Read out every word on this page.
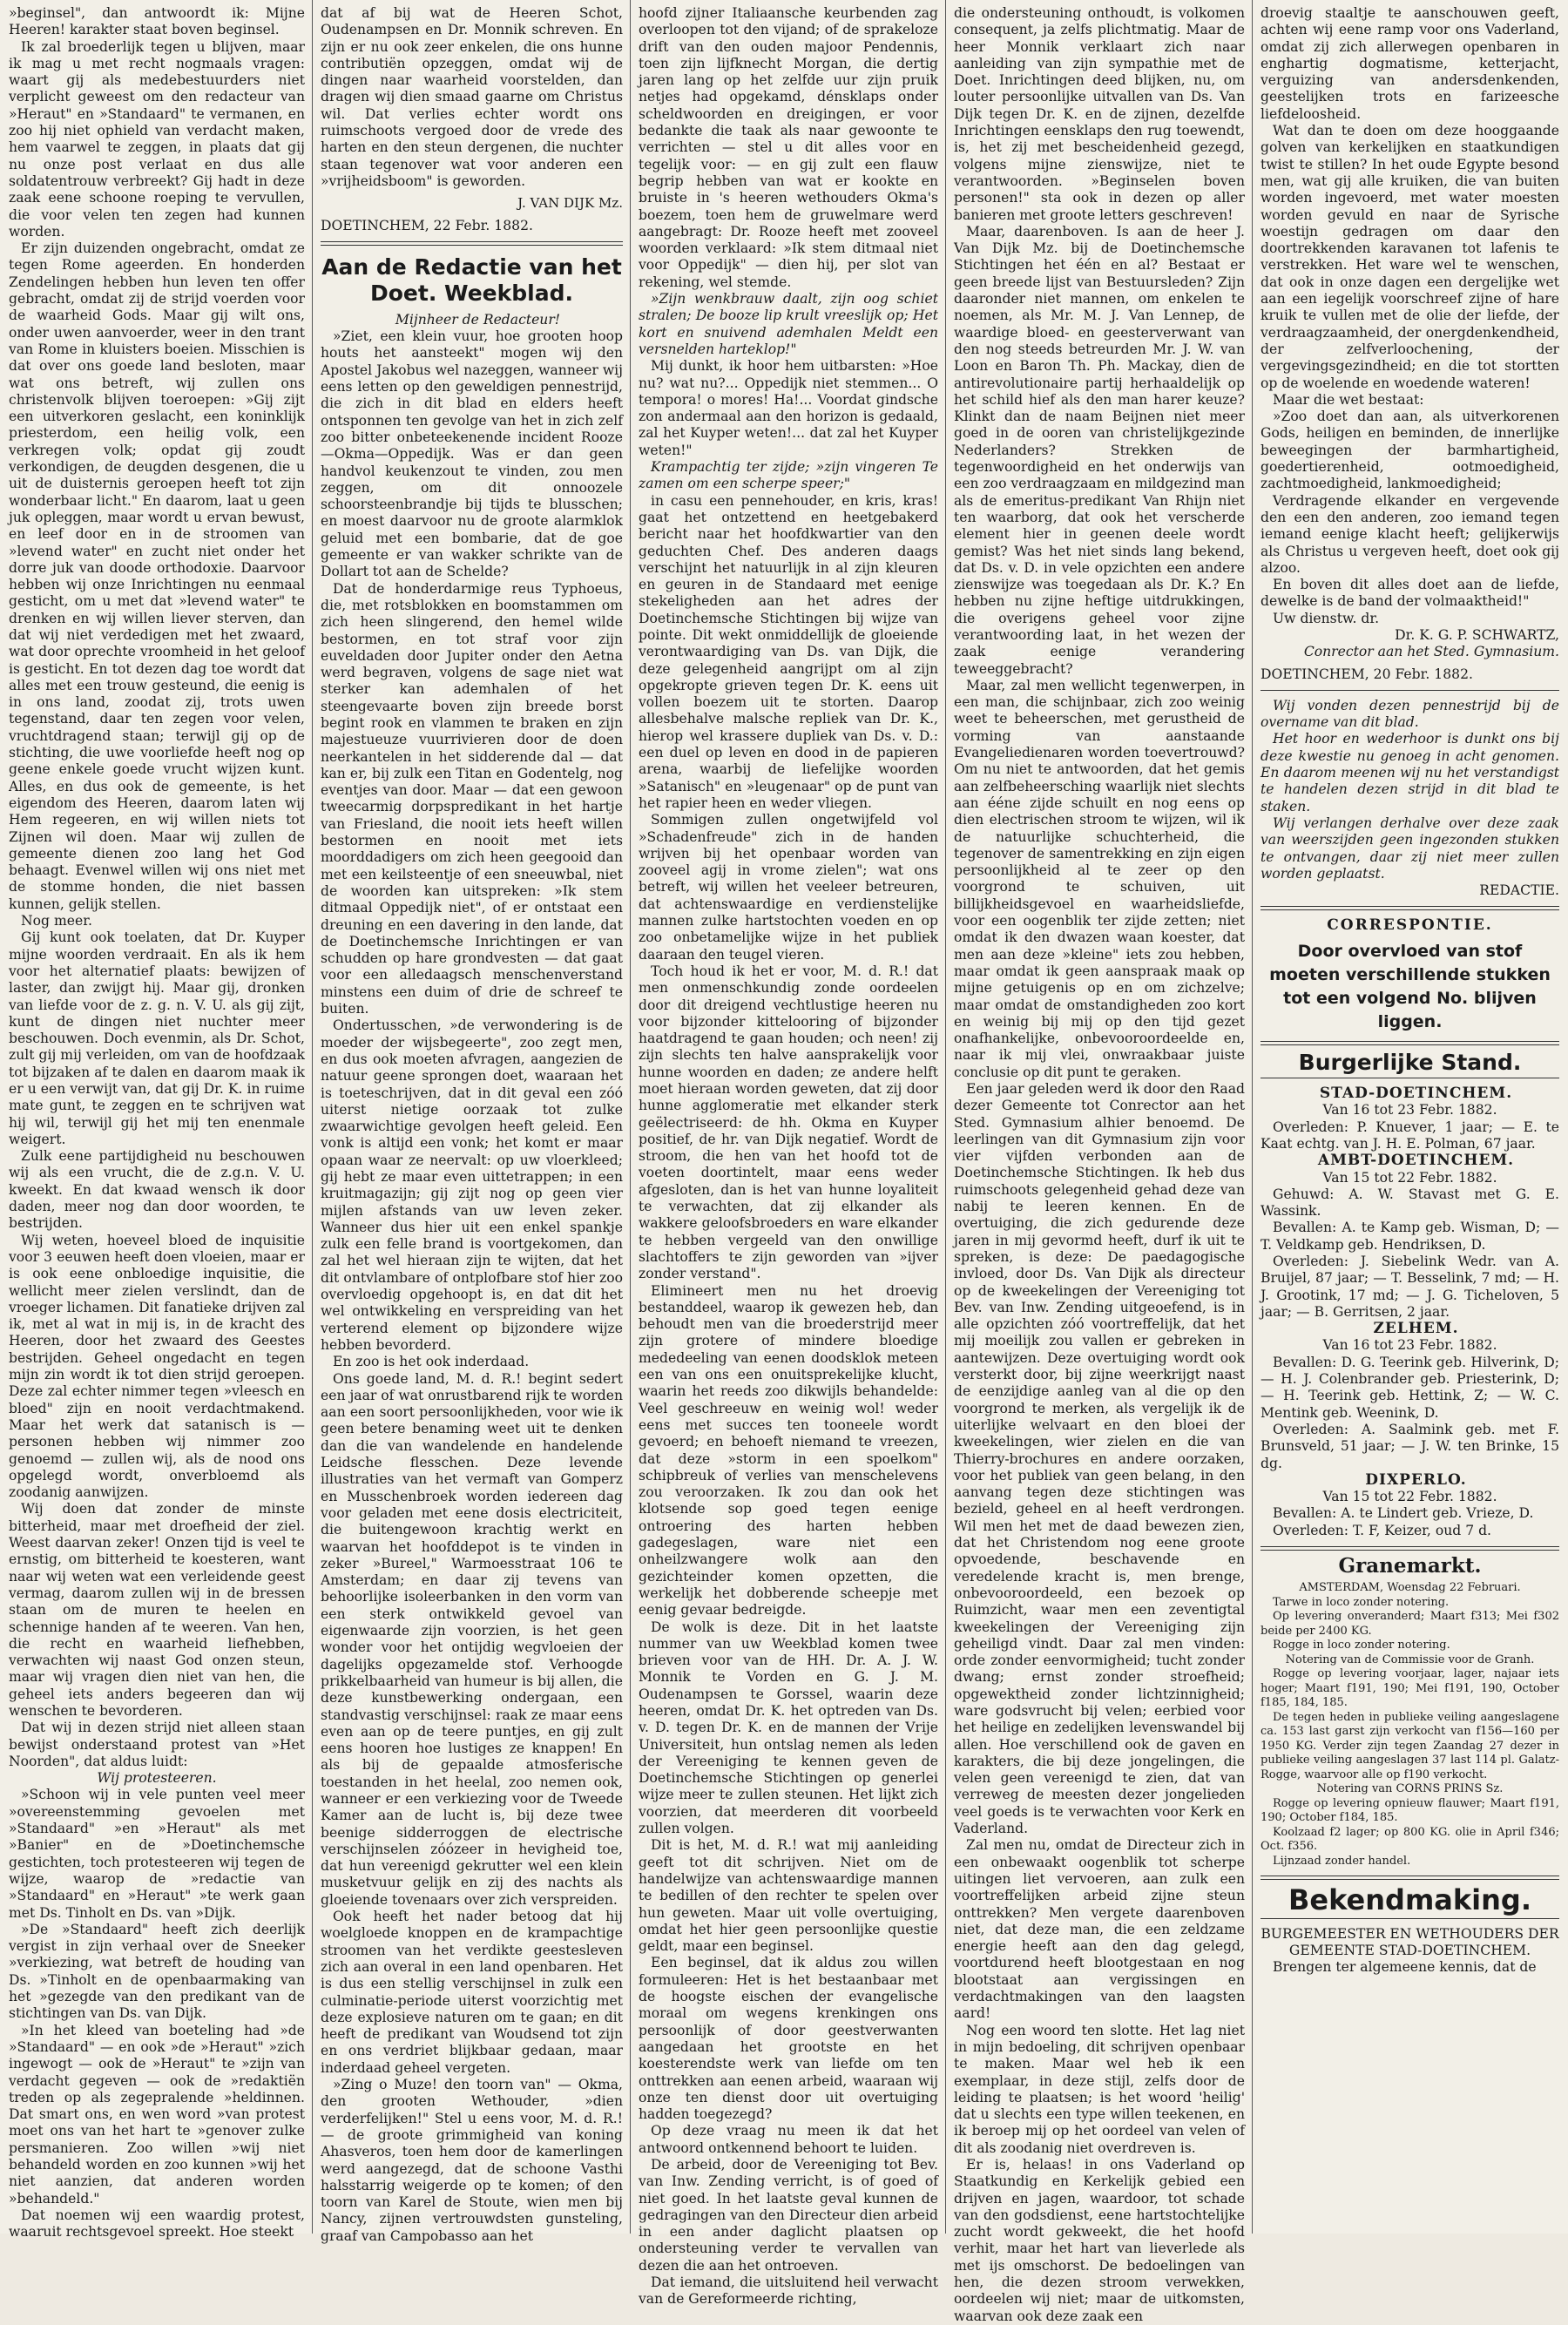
»beginsel", dan antwoordt ik: Mijne Heeren! karakter staat boven beginsel.

Ik zal broederlijk tegen u blijven, maar ik mag u met recht nogmaals vragen: waart gij als medebestuurders niet verplicht geweest om den redacteur van »Heraut" en »Standaard" te vermanen, en zoo hij niet ophield van verdacht maken, hem vaarwel te zeggen, in plaats dat gij nu onze post verlaat en dus alle soldatentrouw verbreekt? Gij hadt in deze zaak eene schoone roeping te vervullen, die voor velen ten zegen had kunnen worden.

Er zijn duizenden ongebracht, omdat ze tegen Rome ageerden. En honderden Zendelingen hebben hun leven ten offer gebracht, omdat zij de strijd voerden voor de waarheid Gods. Maar gij wilt ons, onder uwen aanvoerder, weer in den trant van Rome in kluisters boeien. Misschien is dat over ons goede land besloten, maar wat ons betreft, wij zullen ons christenvolk blijven toeroepen: »Gij zijt een uitverkoren geslacht, een koninklijk priesterdom, een heilig volk, een verkregen volk; opdat gij zoudt verkondigen, de deugden desgenen, die u uit de duisternis geroepen heeft tot zijn wonderbaar licht." En daarom, laat u geen juk opleggen, maar wordt u ervan bewust, en leef door en in de stroomen van »levend water" en zucht niet onder het dorre juk van doode orthodoxie. Daarvoor hebben wij onze Inrichtingen nu eenmaal gesticht, om u met dat »levend water" te drenken en wij willen liever sterven, dan dat wij niet verdedigen met het zwaard, wat door oprechte vroomheid in het geloof is gesticht. En tot dezen dag toe wordt dat alles met een trouw gesteund, die eenig is in ons land, zoodat zij, trots uwen tegenstand, daar ten zegen voor velen, vruchtdragend staan; terwijl gij op de stichting, die uwe voorliefde heeft nog op geene enkele goede vrucht wijzen kunt. Alles, en dus ook de gemeente, is het eigendom des Heeren, daarom laten wij Hem regeeren, en wij willen niets tot Zijnen wil doen. Maar wij zullen de gemeente dienen zoo lang het God behaagt. Evenwel willen wij ons niet met de stomme honden, die niet bassen kunnen, gelijk stellen.

Nog meer.

Gij kunt ook toelaten, dat Dr. Kuyper mijne woorden verdraait. En als ik hem voor het alternatief plaats: bewijzen of laster, dan zwijgt hij. Maar gij, dronken van liefde voor de z. g. n. V. U. als gij zijt, kunt de dingen niet nuchter meer beschouwen. Doch evenmin, als Dr. Schot, zult gij mij verleiden, om van de hoofdzaak tot bijzaken af te dalen en daarom maak ik er u een verwijt van, dat gij Dr. K. in ruime mate gunt, te zeggen en te schrijven wat hij wil, terwijl gij het mij ten enenmale weigert.

Zulk eene partijdigheid nu beschouwen wij als een vrucht, die de z.g.n. V. U. kweekt. En dat kwaad wensch ik door daden, meer nog dan door woorden, te bestrijden.

Wij weten, hoeveel bloed de inquisitie voor 3 eeuwen heeft doen vloeien, maar er is ook eene onbloedige inquisitie, die wellicht meer zielen verslindt, dan de vroeger lichamen. Dit fanatieke drijven zal ik, met al wat in mij is, in de kracht des Heeren, door het zwaard des Geestes bestrijden. Geheel ongedacht en tegen mijn zin wordt ik tot dien strijd geroepen. Deze zal echter nimmer tegen »vleesch en bloed" zijn en nooit verdachtmakend. Maar het werk dat satanisch is — personen hebben wij nimmer zoo genoemd — zullen wij, als de nood ons opgelegd wordt, onverbloemd als zoodanig aanwijzen.

Wij doen dat zonder de minste bitterheid, maar met droefheid der ziel. Weest daarvan zeker! Onzen tijd is veel te ernstig, om bitterheid te koesteren, want naar wij weten wat een verleidende geest vermag, daarom zullen wij in de bressen staan om de muren te heelen en schennige handen af te weeren. Van hen, die recht en waarheid liefhebben, verwachten wij naast God onzen steun, maar wij vragen dien niet van hen, die geheel iets anders begeeren dan wij wenschen te bevorderen.

Dat wij in dezen strijd niet alleen staan bewijst onderstaand protest van »Het Noorden", dat aldus luidt:

Wij protesteeren.

»Schoon wij in vele punten veel meer »overeenstemming gevoelen met »Standaard" »en »Heraut" als met »Banier" en de »Doetinchemsche gestichten, toch protesteeren wij tegen de wijze, waarop de »redactie van »Standaard" en »Heraut" »te werk gaan met Ds. Tinholt en Ds. van »Dijk.

»De »Standaard" heeft zich deerlijk vergist in zijn verhaal over de Sneeker »verkiezing, wat betreft de houding van Ds. »Tinholt en de openbaarmaking van het »gezegde van den predikant van de stichtingen van Ds. van Dijk.

»In het kleed van boeteling had »de »Standaard" — en ook »de »Heraut" »zich ingewogt — ook de »Heraut" te »zijn van verdacht gegeven — ook de »redaktiën treden op als zegepralende »heldinnen. Dat smart ons, en wen word »van protest moet ons van het hart te »genover zulke persmanieren. Zoo willen »wij niet behandeld worden en zoo kunnen »wij het niet aanzien, dat anderen worden »behandeld."

Dat noemen wij een waardig protest, waaruit rechtsgevoel spreekt. Hoe steekt

dat af bij wat de Heeren Schot, Oudenampsen en Dr. Monnik schreven. En zijn er nu ook zeer enkelen, die ons hunne contributiën opzeggen, omdat wij de dingen naar waarheid voorstelden, dan dragen wij dien smaad gaarne om Christus wil. Dat verlies echter wordt ons ruimschoots vergoed door de vrede des harten en den steun dergenen, die nuchter staan tegenover wat voor anderen een »vrijheidsboom" is geworden.

J. VAN DIJK Mz.

DOETINCHEM, 22 Febr. 1882.

Aan de Redactie van het Doet. Weekblad.

Mijnheer de Redacteur!

»Ziet, een klein vuur, hoe grooten hoop houts het aansteekt" mogen wij den Apostel Jakobus wel nazeggen, wanneer wij eens letten op den geweldigen pennestrijd, die zich in dit blad en elders heeft ontsponnen ten gevolge van het in zich zelf zoo bitter onbeteekenende incident Rooze—Okma—Oppedijk. Was er dan geen handvol keukenzout te vinden, zou men zeggen, om dit onnoozele schoorsteenbrandje bij tijds te blusschen; en moest daarvoor nu de groote alarmklok geluid met een bombarie, dat de goe gemeente er van wakker schrikte van de Dollart tot aan de Schelde?

Dat de honderdarmige reus Typhoeus, die, met rotsblokken en boomstammen om zich heen slingerend, den hemel wilde bestormen, en tot straf voor zijn euveldaden door Jupiter onder den Aetna werd begraven, volgens de sage niet wat sterker kan ademhalen of het steengevaarte boven zijn breede borst begint rook en vlammen te braken en zijn majestueuze vuurrivieren door de doen neerkantelen in het sidderende dal — dat kan er, bij zulk een Titan en Godentelg, nog eventjes van door. Maar — dat een gewoon tweecarmig dorpspredikant in het hartje van Friesland, die nooit iets heeft willen bestormen en nooit met iets moorddadigers om zich heen geegooid dan met een keilsteentje of een sneeuwbal, niet de woorden kan uitspreken: »Ik stem ditmaal Oppedijk niet", of er ontstaat een dreuning en een davering in den lande, dat de Doetinchemsche Inrichtingen er van schudden op hare grondvesten — dat gaat voor een alledaagsch menschenverstand minstens een duim of drie de schreef te buiten.

Ondertusschen, »de verwondering is de moeder der wijsbegeerte", zoo zegt men, en dus ook moeten afvragen, aangezien de natuur geene sprongen doet, waaraan het is toeteschrijven, dat in dit geval een zóó uiterst nietige oorzaak tot zulke zwaarwichtige gevolgen heeft geleid. Een vonk is altijd een vonk; het komt er maar opaan waar ze neervalt: op uw vloerkleed; gij hebt ze maar even uittetrappen; in een kruitmagazijn; gij zijt nog op geen vier mijlen afstands van uw leven zeker. Wanneer dus hier uit een enkel spankje zulk een felle brand is voortgekomen, dan zal het wel hieraan zijn te wijten, dat het dit ontvlambare of ontplofbare stof hier zoo overvloedig opgehoopt is, en dat dit het wel ontwikkeling en verspreiding van het verterend element op bijzondere wijze hebben bevorderd.

En zoo is het ook inderdaad.

Ons goede land, M. d. R.! begint sedert een jaar of wat onrustbarend rijk te worden aan een soort persoonlijkheden, voor wie ik geen betere benaming weet uit te denken dan die van wandelende en handelende Leidsche flesschen. Deze levende illustraties van het vermaft van Gomperz en Musschenbroek worden iedereen dag voor geladen met eene dosis electriciteit, die buitengewoon krachtig werkt en waarvan het hoofddepot is te vinden in zeker »Bureel," Warmoesstraat 106 te Amsterdam; en daar zij tevens van behoorlijke isoleerbanken in den vorm van een sterk ontwikkeld gevoel van eigenwaarde zijn voorzien, is het geen wonder voor het ontijdig wegvloeien der dagelijks opgezamelde stof. Verhoogde prikkelbaarheid van humeur is bij allen, die deze kunstbewerking ondergaan, een standvastig verschijnsel: raak ze maar eens even aan op de teere puntjes, en gij zult eens hooren hoe lustiges ze knappen! En als bij de gepaalde atmosferische toestanden in het heelal, zoo nemen ook, wanneer er een verkiezing voor de Tweede Kamer aan de lucht is, bij deze twee beenige sidderroggen de electrische verschijnselen zóózeer in hevigheid toe, dat hun vereenigd gekrutter wel een klein musketvuur gelijk en zij des nachts als gloeiende tovenaars over zich verspreiden.

Ook heeft het nader betoog dat hij woelgloede knoppen en de krampachtige stroomen van het verdikte geestesleven zich aan overal in een land openbaren. Het is dus een stellig verschijnsel in zulk een culminatie-periode uiterst voorzichtig met deze explosieve naturen om te gaan; en dit heeft de predikant van Woudsend tot zijn en ons verdriet blijkbaar gedaan, maar inderdaad geheel vergeten.

»Zing o Muze! den toorn van" — Okma, den grooten Wethouder, »dien verderfelijken!" Stel u eens voor, M. d. R.! — de groote grimmigheid van koning Ahasveros, toen hem door de kamerlingen werd aangezegd, dat de schoone Vasthi halsstarrig weigerde op te komen; of den toorn van Karel de Stoute, wien men bij Nancy, zijnen vertrouwdsten gunsteling, graaf van Campobasso aan het

hoofd zijner Italiaansche keurbenden zag overloopen tot den vijand; of de sprakeloze drift van den ouden majoor Pendennis, toen zijn lijfknecht Morgan, die dertig jaren lang op het zelfde uur zijn pruik netjes had opgekamd, dénsklaps onder scheldwoorden en dreigingen, er voor bedankte die taak als naar gewoonte te verrichten — stel u dit alles voor en tegelijk voor: — en gij zult een flauw begrip hebben van wat er kookte en bruiste in 's heeren wethouders Okma's boezem, toen hem de gruwelmare werd aangebragt: Dr. Rooze heeft met zooveel woorden verklaard: »Ik stem ditmaal niet voor Oppedijk" — dien hij, per slot van rekening, wel stemde.

»Zijn wenkbrauw daalt, zijn oog schiet stralen; De booze lip krult vreeslijk op; Het kort en snuivend ademhalen Meldt een versnelden harteklop!"

Mij dunkt, ik hoor hem uitbarsten: »Hoe nu? wat nu?... Oppedijk niet stemmen... O tempora! o mores! Ha!... Voordat gindsche zon andermaal aan den horizon is gedaald, zal het Kuyper weten!... dat zal het Kuyper weten!"

Krampachtig ter zijde; »zijn vingeren Te zamen om een scherpe speer;"

in casu een pennehouder, en kris, kras! gaat het ontzettend en heetgebakerd bericht naar het hoofdkwartier van den geduchten Chef. Des anderen daags verschijnt het natuurlijk in al zijn kleuren en geuren in de Standaard met eenige stekeligheden aan het adres der Doetinchemsche Stichtingen bij wijze van pointe. Dit wekt onmiddellijk de gloeiende verontwaardiging van Ds. van Dijk, die deze gelegenheid aangrijpt om al zijn opgekropte grieven tegen Dr. K. eens uit vollen boezem uit te storten. Daarop allesbehalve malsche repliek van Dr. K., hierop wel krassere dupliek van Ds. v. D.: een duel op leven en dood in de papieren arena, waarbij de liefelijke woorden »Satanisch" en »leugenaar" op de punt van het rapier heen en weder vliegen.

Sommigen zullen ongetwijfeld vol »Schadenfreude" zich in de handen wrijven bij het openbaar worden van zooveel agij in vrome zielen"; wat ons betreft, wij willen het veeleer betreuren, dat achtenswaardige en verdienstelijke mannen zulke hartstochten voeden en op zoo onbetamelijke wijze in het publiek daaraan den teugel vieren.

Toch houd ik het er voor, M. d. R.! dat men onmenschkundig zonde oordeelen door dit dreigend vechtlustige heeren nu voor bijzonder kittelooring of bijzonder haatdragend te gaan houden; och neen! zij zijn slechts ten halve aansprakelijk voor hunne woorden en daden; ze andere helft moet hieraan worden geweten, dat zij door hunne agglomeratie met elkander sterk geëlectriseerd: de hh. Okma en Kuyper positief, de hr. van Dijk negatief. Wordt de stroom, die hen van het hoofd tot de voeten doortintelt, maar eens weder afgesloten, dan is het van hunne loyaliteit te verwachten, dat zij elkander als wakkere geloofsbroeders en ware elkander te hebben vergeeld van den onwillige slachtoffers te zijn geworden van »ijver zonder verstand".

Elimineert men nu het droevig bestanddeel, waarop ik gewezen heb, dan behoudt men van die broederstrijd meer zijn grotere of mindere bloedige mededeeling van eenen doodsklok meteen een van ons een onuitsprekelijke klucht, waarin het reeds zoo dikwijls behandelde: Veel geschreeuw en weinig wol! weder eens met succes ten tooneele wordt gevoerd; en behoeft niemand te vreezen, dat deze »storm in een spoelkom" schipbreuk of verlies van menschelevens zou veroorzaken. Ik zou dan ook het klotsende sop goed tegen eenige ontroering des harten hebben gadegeslagen, ware niet een onheilzwangere wolk aan den gezichteinder komen opzetten, die werkelijk het dobberende scheepje met eenig gevaar bedreigde.

De wolk is deze. Dit in het laatste nummer van uw Weekblad komen twee brieven voor van de HH. Dr. A. J. W. Monnik te Vorden en G. J. M. Oudenampsen te Gorssel, waarin deze heeren, omdat Dr. K. het optreden van Ds. v. D. tegen Dr. K. en de mannen der Vrije Universiteit, hun ontslag nemen als leden der Vereeniging te kennen geven de Doetinchemsche Stichtingen op generlei wijze meer te zullen steunen. Het lijkt zich voorzien, dat meerderen dit voorbeeld zullen volgen.

Dit is het, M. d. R.! wat mij aanleiding geeft tot dit schrijven. Niet om de handelwijze van achtenswaardige mannen te bedillen of den rechter te spelen over hun geweten. Maar uit volle overtuiging, omdat het hier geen persoonlijke questie geldt, maar een beginsel.

Een beginsel, dat ik aldus zou willen formuleeren: Het is het bestaanbaar met de hoogste eischen der evangelische moraal om wegens krenkingen ons persoonlijk of door geestverwanten aangedaan het grootste en het koesterendste werk van liefde om ten onttrekken aan eenen arbeid, waaraan wij onze ten dienst door uit overtuiging hadden toegezegd?

Op deze vraag nu meen ik dat het antwoord ontkennend behoort te luiden.

De arbeid, door de Vereeniging tot Bev. van Inw. Zending verricht, is of goed of niet goed. In het laatste geval kunnen de gedragingen van den Directeur dien arbeid in een ander daglicht plaatsen op ondersteuning verder te vervallen van dezen die aan het ontroeven.

Dat iemand, die uitsluitend heil verwacht van de Gereformeerde richting,

die ondersteuning onthoudt, is volkomen consequent, ja zelfs plichtmatig. Maar de heer Monnik verklaart zich naar aanleiding van zijn sympathie met de Doet. Inrichtingen deed blijken, nu, om louter persoonlijke uitvallen van Ds. Van Dijk tegen Dr. K. en de zijnen, dezelfde Inrichtingen eensklaps den rug toewendt, is, het zij met bescheidenheid gezegd, volgens mijne zienswijze, niet te verantwoorden. »Beginselen boven personen!" sta ook in dezen op aller banieren met groote letters geschreven!

Maar, daarenboven. Is aan de heer J. Van Dijk Mz. bij de Doetinchemsche Stichtingen het één en al? Bestaat er geen breede lijst van Bestuursleden? Zijn daaronder niet mannen, om enkelen te noemen, als Mr. M. J. Van Lennep, de waardige bloed- en geesterverwant van den nog steeds betreurden Mr. J. W. van Loon en Baron Th. Ph. Mackay, dien de antirevolutionaire partij herhaaldelijk op het schild hief als den man harer keuze? Klinkt dan de naam Beijnen niet meer goed in de ooren van christelijkgezinde Nederlanders? Strekken de tegenwoordigheid en het onderwijs van een zoo verdraagzaam en mildgezind man als de emeritus-predikant Van Rhijn niet ten waarborg, dat ook het verscherde element hier in geenen deele wordt gemist? Was het niet sinds lang bekend, dat Ds. v. D. in vele opzichten een andere zienswijze was toegedaan als Dr. K.? En hebben nu zijne heftige uitdrukkingen, die overigens geheel voor zijne verantwoording laat, in het wezen der zaak eenige verandering teweeggebracht?

Maar, zal men wellicht tegenwerpen, in een man, die schijnbaar, zich zoo weinig weet te beheerschen, met gerustheid de vorming van aanstaande Evangeliedienaren worden toevertrouwd? Om nu niet te antwoorden, dat het gemis aan zelfbeheersching waarlijk niet slechts aan ééne zijde schuilt en nog eens op dien electrischen stroom te wijzen, wil ik de natuurlijke schuchterheid, die tegenover de samentrekking en zijn eigen persoonlijkheid al te zeer op den voorgrond te schuiven, uit billijkheidsgevoel en waarheidsliefde, voor een oogenblik ter zijde zetten; niet omdat ik den dwazen waan koester, dat men aan deze »kleine" iets zou hebben, maar omdat ik geen aanspraak maak op mijne getuigenis op en om zichzelve; maar omdat de omstandigheden zoo kort en weinig bij mij op den tijd gezet onafhankelijke, onbevooroordeelde en, naar ik mij vlei, onwraakbaar juiste conclusie op dit punt te geraken.

Een jaar geleden werd ik door den Raad dezer Gemeente tot Conrector aan het Sted. Gymnasium alhier benoemd. De leerlingen van dit Gymnasium zijn voor vier vijfden verbonden aan de Doetinchemsche Stichtingen. Ik heb dus ruimschoots gelegenheid gehad deze van nabij te leeren kennen. En de overtuiging, die zich gedurende deze jaren in mij gevormd heeft, durf ik uit te spreken, is deze: De paedagogische invloed, door Ds. Van Dijk als directeur op de kweekelingen der Vereeniging tot Bev. van Inw. Zending uitgeoefend, is in alle opzichten zóó voortreffelijk, dat het mij moeilijk zou vallen er gebreken in aantewijzen. Deze overtuiging wordt ook versterkt door, bij zijne weerkrijgt naast de eenzijdige aanleg van al die op den voorgrond te merken, als vergelijk ik de uiterlijke welvaart en den bloei der kweekelingen, wier zielen en die van Thierry-brochures en andere oorzaken, voor het publiek van geen belang, in den aanvang tegen deze stichtingen was bezield, geheel en al heeft verdrongen. Wil men het met de daad bewezen zien, dat het Christendom nog eene groote opvoedende, beschavende en veredelende kracht is, men brenge, onbevooroordeeld, een bezoek op Ruimzicht, waar men een zeventigtal kweekelingen der Vereeniging zijn geheiligd vindt. Daar zal men vinden: orde zonder eenvormigheid; tucht zonder dwang; ernst zonder stroefheid; opgewektheid zonder lichtzinnigheid; ware godsvrucht bij velen; eerbied voor het heilige en zedelijken levenswandel bij allen. Hoe verschillend ook de gaven en karakters, die bij deze jongelingen, die velen geen vereenigd te zien, dat van verreweg de meesten dezer jongelieden veel goeds is te verwachten voor Kerk en Vaderland.

Zal men nu, omdat de Directeur zich in een onbewaakt oogenblik tot scherpe uitingen liet vervoeren, aan zulk een voortreffelijken arbeid zijne steun onttrekken? Men vergete daarenboven niet, dat deze man, die een zeldzame energie heeft aan den dag gelegd, voortdurend heeft blootgestaan en nog blootstaat aan vergissingen en verdachtmakingen van den laagsten aard!

Nog een woord ten slotte. Het lag niet in mijn bedoeling, dit schrijven openbaar te maken. Maar wel heb ik een exemplaar, in deze stijl, zelfs door de leiding te plaatsen; is het woord 'heilig' dat u slechts een type willen teekenen, en ik beroep mij op het oordeel van velen of dit als zoodanig niet overdreven is.

Er is, helaas! in ons Vaderland op Staatkundig en Kerkelijk gebied een drijven en jagen, waardoor, tot schade van den godsdienst, eene hartstochtelijke zucht wordt gekweekt, die het hoofd verhit, maar het hart van lieverlede als met ijs omschorst. De bedoelingen van hen, die dezen stroom verwekken, oordeelen wij niet; maar de uitkomsten, waarvan ook deze zaak een

droevig staaltje te aanschouwen geeft, achten wij eene ramp voor ons Vaderland, omdat zij zich allerwegen openbaren in enghartig dogmatisme, ketterjacht, verguizing van andersdenkenden, geestelijken trots en farizeesche liefdeloosheid.

Wat dan te doen om deze hooggaande golven van kerkelijken en staatkundigen twist te stillen? In het oude Egypte besond men, wat gij alle kruiken, die van buiten worden ingevoerd, met water moesten worden gevuld en naar de Syrische woestijn gedragen om daar den doortrekkenden karavanen tot lafenis te verstrekken. Het ware wel te wenschen, dat ook in onze dagen een dergelijke wet aan een iegelijk voorschreef zijne of hare kruik te vullen met de olie der liefde, der verdraagzaamheid, der onergdenkendheid, der zelfverloochening, der vergevingsgezindheid; en die tot stortten op de woelende en woedende wateren!

Maar die wet bestaat:

»Zoo doet dan aan, als uitverkorenen Gods, heiligen en beminden, de innerlijke beweegingen der barmhartigheid, goedertierenheid, ootmoedigheid, zachtmoedigheid, lankmoedigheid;

Verdragende elkander en vergevende den een den anderen, zoo iemand tegen iemand eenige klacht heeft; gelijkerwijs als Christus u vergeven heeft, doet ook gij alzoo.

En boven dit alles doet aan de liefde, dewelke is de band der volmaaktheid!"

Uw dienstw. dr.

Dr. K. G. P. SCHWARTZ,

Conrector aan het Sted. Gymnasium.

DOETINCHEM, 20 Febr. 1882.

Wij vonden dezen pennestrijd bij de overname van dit blad.

Het hoor en wederhoor is dunkt ons bij deze kwestie nu genoeg in acht genomen. En daarom meenen wij nu het verstandigst te handelen dezen strijd in dit blad te staken.

Wij verlangen derhalve over deze zaak van weerszijden geen ingezonden stukken te ontvangen, daar zij niet meer zullen worden geplaatst.

REDACTIE.

CORRESPONTIE.
Door overvloed van stof moeten verschillende stukken tot een volgend No. blijven liggen.
Burgerlijke Stand.

STAD-DOETINCHEM.

Van 16 tot 23 Febr. 1882.

Overleden: P. Knuever, 1 jaar; — E. te Kaat echtg. van J. H. E. Polman, 67 jaar.

AMBT-DOETINCHEM.

Van 15 tot 22 Febr. 1882.

Gehuwd: A. W. Stavast met G. E. Wassink.

Bevallen: A. te Kamp geb. Wisman, D; — T. Veldkamp geb. Hendriksen, D.

Overleden: J. Siebelink Wedr. van A. Bruijel, 87 jaar; — T. Besselink, 7 md; — H. J. Grootink, 17 md; — J. G. Ticheloven, 5 jaar; — B. Gerritsen, 2 jaar.

ZELHEM.

Van 16 tot 23 Febr. 1882.

Bevallen: D. G. Teerink geb. Hilverink, D; — H. J. Colenbrander geb. Priesterink, D; — H. Teerink geb. Hettink, Z; — W. C. Mentink geb. Weenink, D.

Overleden: A. Saalmink geb. met F. Brunsveld, 51 jaar; — J. W. ten Brinke, 15 dg.

DIXPERLO.

Van 15 tot 22 Febr. 1882.

Bevallen: A. te Lindert geb. Vrieze, D.

Overleden: T. F, Keizer, oud 7 d.

Granemarkt.

AMSTERDAM, Woensdag 22 Februari.

Tarwe in loco zonder notering.

Op levering onveranderd; Maart f313; Mei f302 beide per 2400 KG.

Rogge in loco zonder notering.

Notering van de Commissie voor de Granh.

Rogge op levering voorjaar, lager, najaar iets hoger; Maart f191, 190; Mei f191, 190, October f185, 184, 185.

De tegen heden in publieke veiling aangeslagene ca. 153 last garst zijn verkocht van f156—160 per 1950 KG. Verder zijn tegen Zaandag 27 dezer in publieke veiling aangeslagen 37 last 114 pl. Galatz-Rogge, waarvoor alle op f190 verkocht.

Notering van CORNS PRINS Sz.

Rogge op levering opnieuw flauwer; Maart f191, 190; October f184, 185.

Koolzaad f2 lager; op 800 KG. olie in April f346; Oct. f356.

Lijnzaad zonder handel.

Bekendmaking.

BURGEMEESTER EN WETHOUDERS DER GEMEENTE STAD-DOETINCHEM.

Brengen ter algemeene kennis, dat de
